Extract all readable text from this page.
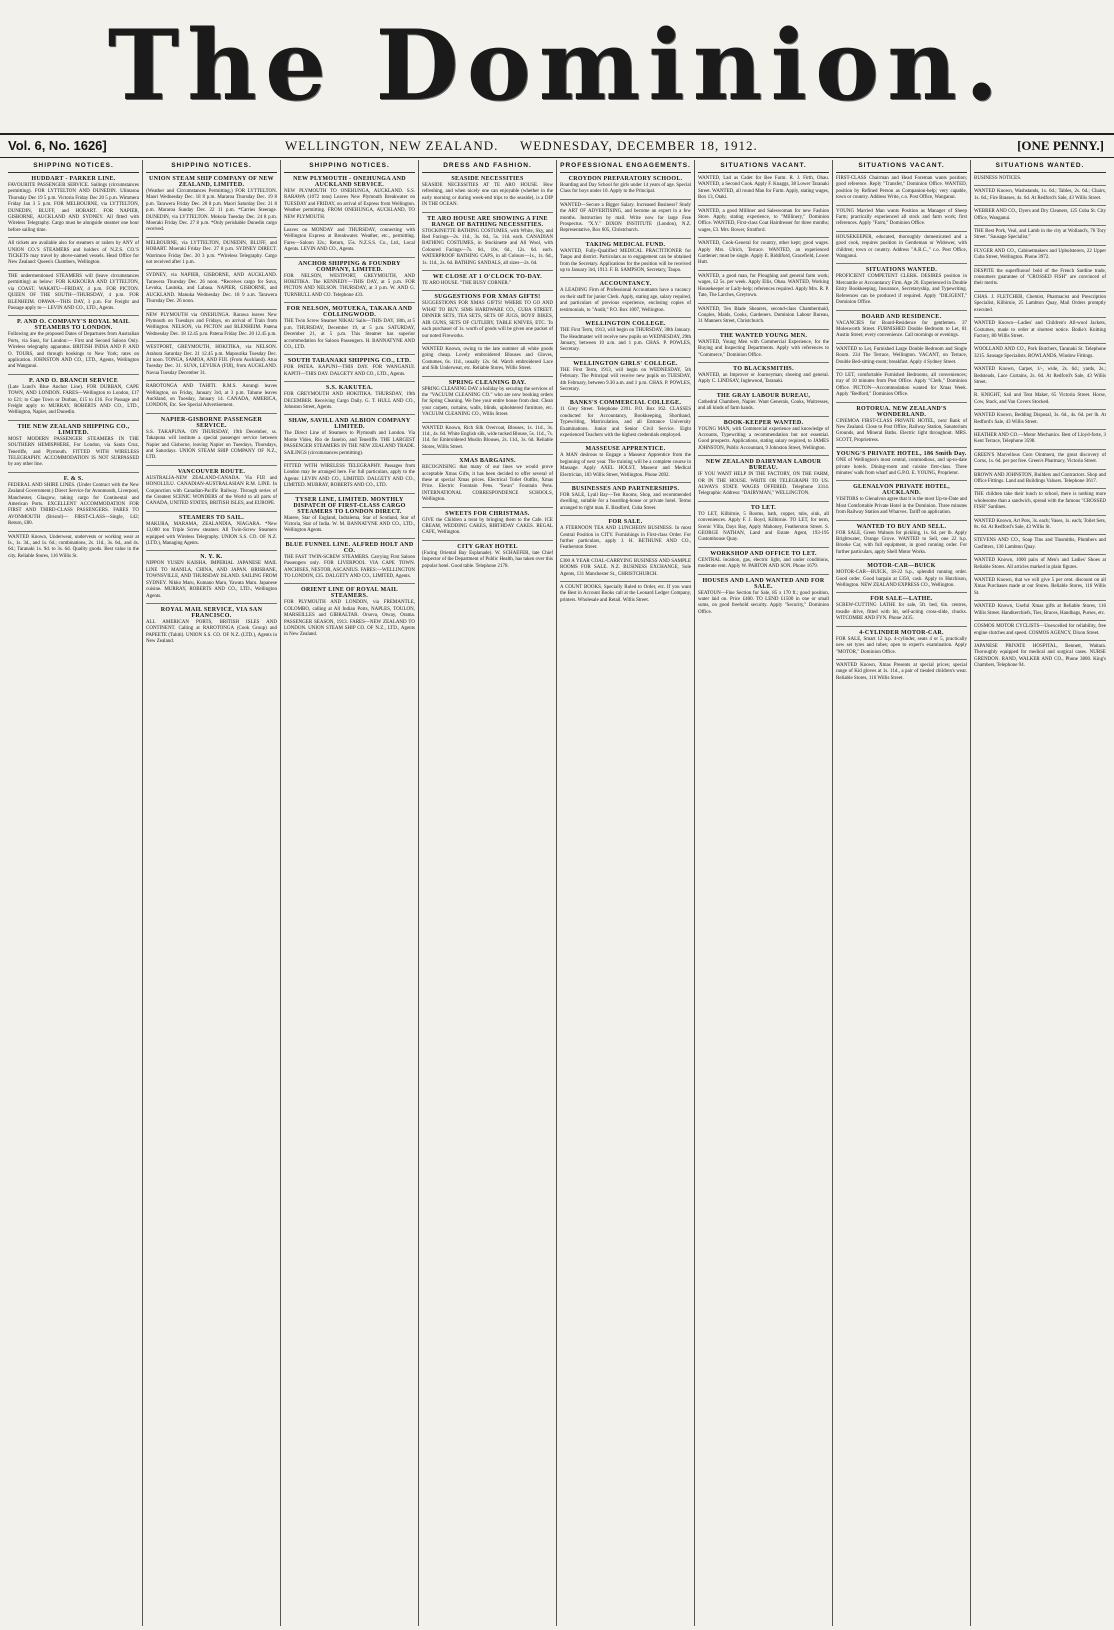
The Dominion.
Vol. 6, No. 1626]	WELLINGTON, NEW ZEALAND. WEDNESDAY, DECEMBER 18, 1912.	[ONE PENNY.]
SHIPPING NOTICES.
HUDDART - PARKER LINE.

FAVOURITE PASSENGER SERVICE. Sailings (circumstances permitting). FOR LYTTELTON AND DUNEDIN. Ulimaroa Thursday Dec 19 5 p.m. Victoria Friday Dec 20 5 p.m. Wimmera Friday Jan 3 5 p.m. FOR MELBOURNE, via LYTTELTON, DUNEDIN, BLUFF, and HOBART. FOR NAPIER, GISBORNE, AUCKLAND AND SYDNEY. All fitted with Wireless Telegraphy. Cargo must be alongside steamer one hour before sailing time.

All tickets are available also for steamers or railers by ANY of UNION CO.'S STEAMERS and holders of N.Z.S. CO.'S TICKETS may travel by above-named vessels. Head Office for New Zealand: Queen's Chambers, Wellington.

THE undermentioned STEAMERS will (leave circumstances permitting) as below: FOR KAIKOURA AND LYTTELTON, via COAST. WAKATU—FRIDAY, 4 p.m. FOR PICTON. QUEEN OF THE SOUTH—THURSDAY, 4 p.m. FOR BLENHEIM. OPAWA—THIS DAY, 3 p.m. For Freight and Passage apply to— LEVIN AND CO., LTD., Agents.

P. AND O. COMPANY'S ROYAL MAIL STEAMERS TO LONDON.

Following are the proposed Dates of Departures from Australian Ports, via Suez, for London:— First and Second Saloon Only. Wireless telegraphy apparatus. BRITISH INDIA AND P. AND O. TOURS, and through bookings to New York; rates on application. JOHNSTON AND CO., LTD., Agents, Wellington and Wanganui.

P. AND O. BRANCH SERVICE

(Late Lund's Blue Anchor Line). FOR DURBAN, CAPE TOWN, AND LONDON. FARES—Wellington to London, £17 to £21; to Cape Town or Durban, £15 to £16. For Passage and Freight apply to MURRAY, ROBERTS AND CO., LTD., Wellington, Napier, and Dunedin.

THE NEW ZEALAND SHIPPING CO., LIMITED.

MOST MODERN PASSENGER STEAMERS IN THE SOUTHERN HEMISPHERE, For London, via Santa Cruz, Teneriffe, and Plymouth. FITTED WITH WIRELESS TELEGRAPHY. ACCOMMODATION IS NOT SURPASSED by any other line.

F. & S.

FEDERAL AND SHIRE LINES. (Under Contract with the New Zealand Government.) Direct Service for Avonmouth, Liverpool, Manchester, Glasgow, taking cargo for Continental and American Ports. EXCELLENT ACCOMMODATION FOR FIRST AND THIRD-CLASS PASSENGERS. FARES TO AVONMOUTH (Bristol)— FIRST-CLASS—Single, £42; Return, £80.

WANTED Known, Underwear, undervests or working wear at Is., 1s. 3d., and 1s. 6d.; combinations, 2s. 11d., 3s. 6d., and 4s. 6d.; Taranaki 1s. 9d. to 3s. 6d. Quality goods. Best value in the city. Reliable Stores, 116 Willis St.

SHIPPING NOTICES.
UNION STEAM SHIP COMPANY OF NEW ZEALAND, LIMITED.

(Weather and Circumstances Permitting.) FOR LYTTELTON. Maori Wednesday Dec. 18 8 p.m. Mararoa Thursday Dec. 19 8 p.m. Tarawera Friday Dec. 20 8 p.m. Maori Saturday Dec. 21 8 p.m. Mararoa Sunday Dec. 22 11 p.m. *Carries Steerage. DUNEDIN, via LYTTELTON. Mokoia Tuesday Dec. 24 8 p.m. Moeraki Friday Dec. 27 8 p.m. *Only perishable Dunedin cargo received.

MELBOURNE, via LYTTELTON, DUNEDIN, BLUFF, and HOBART. Moeraki Friday Dec. 27 8 p.m. SYDNEY DIRECT. Warrimoo Friday Dec. 20 3 p.m. *Wireless Telegraphy. Cargo not received after 1 p.m.

SYDNEY, via NAPIER, GISBORNE, AND AUCKLAND. Tarawera Thursday Dec. 26 noon. *Receives cargo for Suva, Levuka, Lautoka, and Labasa. NAPIER, GISBORNE, and AUCKLAND. Manuka Wednesday Dec. 18 9 a.m. Tarawera Thursday Dec. 26 noon.

NEW PLYMOUTH via ONEHUNGA. Rarawa leaves New Plymouth on Tuesdays and Fridays, on arrival of Train from Wellington. NELSON, via PICTON and BLENHEIM. Patena Wednesday Dec. 18 12.45 p.m. Patena Friday Dec. 20 12.45 p.m.

WESTPORT, GREYMOUTH, HOKITIKA, via NELSON. Arahura Saturday Dec. 21 12.45 p.m. Mapourika Tuesday Dec. 24 noon. TONGA, SAMOA, AND FIJI. (From Auckland). Atua Tuesday Dec. 31. SUVA, LEVUKA (FIJI), from AUCKLAND. Navua Tuesday December 31.

RAROTONGA AND TAHITI. R.M.S. Aorangi leaves Wellington, on Friday, January 3rd, at 3 p.m. Tahune leaves Auckland, on Tuesday, January 14. CANADA, AMERICA, LONDON, Etc. See Special Advertisement.

NAPIER-GISBORNE PASSENGER SERVICE.

S.S. TAKAPUNA. ON THURSDAY, 19th December, ss. Takapuna will institute a special passenger service between Napier and Gisborne, leaving Napier on Tuesdays, Thursdays, and Saturdays. UNION STEAM SHIP COMPANY OF N.Z., LTD.

VANCOUVER ROUTE.

AUSTRALIA-NEW ZEALAND-CANADA. Via FIJI and HONOLULU. CANADIAN-AUSTRALASIAN R.M. LINE. In Conjunction with Canadian-Pacific Railway. Through series of the Greatest SCENIC WONDERS of the World to all parts of CANADA, UNITED STATES, BRITISH ISLES, and EUROPE.

STEAMERS TO SAIL.

MAKURA, MARAMA, ZEALANDIA, NIAGARA. *New 13,000 ton Triple Screw steamer. All Twin-Screw Steamers equipped with Wireless Telegraphy. UNION S.S. CO. OF N.Z. (LTD.), Managing Agents.

N. Y. K.

NIPPON YUSEN KAISHA. IMPERIAL JAPANESE MAIL LINE TO MANILA, CHINA, AND JAPAN. BRISBANE, TOWNSVILLE, AND THURSDAY ISLAND. SAILING FROM SYDNEY. Nikko Maru, Kumano Maru, Yawata Maru. Japanese cuisine. MURRAY, ROBERTS AND CO., LTD., Wellington Agents.

ROYAL MAIL SERVICE, VIA SAN FRANCISCO.

ALL AMERICAN PORTS, BRITISH ISLES AND CONTINENT. Calling at RAROTONGA (Cook Group) and PAPEETE (Tahiti). UNION S.S. CO. OF N.Z. (LTD.), Agents in New Zealand.

SHIPPING NOTICES.
NEW PLYMOUTH - ONEHUNGA AND AUCKLAND SERVICE.

NEW PLYMOUTH TO ONEHUNGA, AUCKLAND. S.S. RARAWA (1072 tons) Leaves New Plymouth Breakwater on TUESDAY and FRIDAY, on arrival of Express from Wellington. Weather permitting. FROM ONEHUNGA, AUCKLAND, TO NEW PLYMOUTH.

Leaves on MONDAY and THURSDAY, connecting with Wellington Express at Breakwater. Weather, etc., permitting. Fares—Saloon 32s.; Return, 55s. N.Z.S.S. Co., Ltd., Local Agents. LEVIN AND CO., Agents.

ANCHOR SHIPPING & FOUNDRY COMPANY, LIMITED.

FOR NELSON, WESTPORT, GREYMOUTH, AND HOKITIKA. The KENNEDY—THIS DAY, at 5 p.m. FOR PICTON AND NELSON. THURSDAY, at 3 p.m. W. AND G. TURNBULL AND CO. Telephone 433.

FOR NELSON, MOTUEKA, TAKAKA AND COLLINGWOOD.

THE Twin Screw Steamer NIKAU Sails—THIS DAY, 18th, at 5 p.m. THURSDAY, December 19, at 5 p.m. SATURDAY, December 21, at 5 p.m. This Steamer has superior accommodation for Saloon Passengers. H. BANNATYNE AND CO., LTD.

SOUTH TARANAKI SHIPPING CO., LTD.

FOR PATEA. KAPUNI—THIS DAY. FOR WANGANUI. KAPITI—THIS DAY. DALGETY AND CO., LTD., Agents.

S.S. KAKUTEA.

FOR GREYMOUTH AND HOKITIKA. THURSDAY, 19th DECEMBER. Receiving Cargo Daily. G. T. HULL AND CO., Johnston Street, Agents.

SHAW, SAVILL AND ALBION COMPANY LIMITED.

The Direct Line of Steamers to Plymouth and London. Via Monte Video, Rio de Janeiro, and Teneriffe. THE LARGEST PASSENGER STEAMERS IN THE NEW ZEALAND TRADE. SAILINGS (circumstances permitting).

FITTED WITH WIRELESS TELEGRAPHY. Passages from London may be arranged here. For full particulars, apply to the Agents: LEVIN AND CO., LIMITED. DALGETY AND CO., LIMITED. MURRAY, ROBERTS AND CO., LTD.

TYSER LINE, LIMITED. MONTHLY DISPATCH OF FIRST-CLASS CARGO STEAMERS TO LONDON DIRECT.

Marere, Star of England, Indralema, Star of Scotland, Star of Victoria, Star of India. W. M. BANNATYNE AND CO., LTD., Wellington Agents.

BLUE FUNNEL LINE. ALFRED HOLT AND CO.

THE FAST TWIN-SCREW STEAMERS. Carrying First Saloon Passengers only. FOR LIVERPOOL VIA CAPE TOWN. ANCHISES, NESTOR, ASCANIUS. FARES:—WELLINGTON TO LONDON, £35. DALGETY AND CO., LIMITED, Agents.

ORIENT LINE OF ROYAL MAIL STEAMERS.

FOR PLYMOUTH AND LONDON, via FREMANTLE, COLOMBO, calling at All Indian Ports, NAPLES, TOULON, MARSEILLES and GIBRALTAR. Orsova, Otway, Orama. PASSENGER SEASON, 1913. FARES—NEW ZEALAND TO LONDON. UNION STEAM SHIP CO. OF N.Z., LTD., Agents in New Zealand.

DRESS AND FASHION.
SEASIDE NECESSITIES

SEASIDE NECESSITIES AT TE ARO HOUSE. How refreshing, and when nicely one can enjoyable (whether in the early morning or during week-end trips to the seaside), is a DIP IN THE OCEAN.

TE ARO HOUSE ARE SHOWING A FINE RANGE OF BATHING NECESSITIES.

STOCKINETTE BATHING COSTUMES, with White, Sky, and Red Facings—2s. 11d., 3s. 6d., 5s. 11d. each. CANADIAN BATHING COSTUMES, in Stockinette and All Wool, with Coloured Facings—7s. 6d., 10s. 6d., 12s. 6d. each. WATERPROOF BATHING CAPS, in all Colours—1s., 1s. 6d., 1s. 11d., 2s. 6d. BATHING SANDALS, all sizes—2s. 6d.

WE CLOSE AT 1 O'CLOCK TO-DAY.

TE ARO HOUSE. "THE BUSY CORNER."

SUGGESTIONS FOR XMAS GIFTS!

SUGGESTIONS FOR XMAS GIFTS! WHERE TO GO AND WHAT TO BUY. SIMS HARDWARE CO., CUBA STREET. DINNER SETS, TEA SETS, SETS OF JUGS, BOYS' BIKES, AIR GUNS, SETS OF CUTLERY, TABLE KNIVES, ETC. To each purchaser of 1s. worth of goods will be given one packet of our noted Fireworks.

WANTED Known, owing to the late summer all white goods going cheap. Lovely embroidered Blouses and Gloves, Costumes, 6s. 11d., usually 12s. 6d. Watch embroidered Lace and Silk Underwear, etc. Reliable Stores, Willis Street.

SPRING CLEANING DAY.

SPRING CLEANING DAY a holiday by securing the services of the "VACUUM CLEANING CO." who are now booking orders for Spring Cleaning. We free your entire house from dust. Clean your carpets, curtains, walls, blinds, upholstered furniture, etc. VACUUM CLEANING CO., Willis Street.

WANTED Known, Rich Silk Overcoat, Blouses, 1s. 11d., 3s. 11d., 4s. 6d. White English silk, wide tucked Blouse, 5s. 11d., 7s. 11d. for Embroidered Muslin Blouses, 2s. 11d., 3s. 6d. Reliable Stores, Willis Street.

XMAS BARGAINS.

RECOGNISING that many of our lines we would prove acceptable Xmas Gifts, it has been decided to offer several of these at special Xmas prices. Electrical Toilet Outfits, Xmas Price. Electric Fountain Pens. "Swan" Fountain Pens. INTERNATIONAL CORRESPONDENCE SCHOOLS, Wellington.

SWEETS FOR CHRISTMAS.

GIVE the Children a treat by bringing them to the Cafe. ICE CREAM, WEDDING CAKES, BIRTHDAY CAKES. REGAL CAFE, Wellington.

CITY GRAY HOTEL

(Facing Oriental Bay Esplanade). W. SCHAEFER, late Chief Inspector of the Department of Public Health, has taken over this popular hotel. Good table. Telephone 2178.

PROFESSIONAL ENGAGEMENTS.
CROYDON PREPARATORY SCHOOL.

Boarding and Day School for girls under 14 years of age. Special Class for boys under 10. Apply to the Principal.

WANTED—Secure a Bigger Salary. Increased Business? Study the ART OF ADVERTISING, and become an expert in a few months. Instruction by mail. Write now for large Free Prospectus. "X.Y." DIXON INSTITUTE (London), N.Z. Representative, Box 605, Christchurch.

TAKING MEDICAL FUND.

WANTED, Fully-Qualified MEDICAL PRACTITIONER for Taupo and district. Particulars as to engagement can be obtained from the Secretary. Applications for the position will be received up to January 3rd, 1913. F. B. SAMPSON, Secretary, Taupo.

ACCOUNTANCY.

A LEADING Firm of Professional Accountants have a vacancy on their staff for junior Clerk. Apply, stating age, salary required, and particulars of previous experience, enclosing copies of testimonials, to "Audit," P.O. Box 1007, Wellington.

WELLINGTON COLLEGE.

THE First Term, 1913, will begin on THURSDAY, 30th January. The Headmaster will receive new pupils on WEDNESDAY, 29th January, between 10 a.m. and 1 p.m. CHAS. P. POWLES, Secretary.

WELLINGTON GIRLS' COLLEGE.

THE First Term, 1913, will begin on WEDNESDAY, 5th February. The Principal will receive new pupils on TUESDAY, 4th February, between 9.30 a.m. and 1 p.m. CHAS. P. POWLES, Secretary.

BANKS'S COMMERCIAL COLLEGE.

11 Grey Street. Telephone 2391. P.O. Box 162. CLASSES conducted for Accountancy, Bookkeeping, Shorthand, Typewriting, Matriculation, and all Entrance University Examinations. Junior and Senior Civil Service. Eight experienced Teachers with the highest credentials employed.

MASSEUSE APPRENTICE.

A MAN desirous to Engage a Masseur Apprentice from the beginning of next year. The training will be a complete course in Massage. Apply AXEL HOLST, Masseur and Medical Electrician, 183 Willis Street, Wellington. Phone 2692.

BUSINESSES AND PARTNERSHIPS.

FOR SALE, Lyall Bay—Ten Rooms, Shop, and recommended dwelling, suitable for a boarding-house or private hotel. Terms arranged to right man. E. Bradford, Cuba Street.

FOR SALE.

A FTERNOON TEA AND LUNCHEON BUSINESS. In most Central Position in CITY. Furnishings in First-class Order. For further particulars, apply J. H. BETHUNE AND CO., Featherston Street.

£300 A YEAR COAL-CARRYING BUSINESS AND SAMPLE ROOMS FOR SALE. N.Z. BUSINESS EXCHANGE, Sole Agents, 131 Manchester St., CHRISTCHURCH.

A COUNT BOOKS, Specially Ruled to Order, etc. If you want the Best in Account Books call at the Leonard Ledger Company, printers. Wholesale and Retail. Willis Street.

SITUATIONS VACANT.

WANTED, Lad as Cadet for Bee Farm. R. J. Firth, Ohau. WANTED, a Second Cook. Apply F. Knaggs, 38 Lower Taranaki Street. WANTED, all round Man for Farm. Apply, stating wages, Box 13, Otaki.

WANTED, a good Milliner and Saleswoman for new Fashion Store. Apply, stating experience, to "Millinery," Dominion Office. WANTED, First-class Coat Hairdresser for three months; wages, £3. Mrs. Bower, Stratford.

WANTED, Cook-General for country, other kept; good wages. Apply Mrs. Ulrich, Terrace. WANTED, an experienced Gardener; must be single. Apply E. Riddiford, Gracefield, Lower Hutt.

WANTED, a good man, for Ploughing and general farm work; wages, £2 5s. per week. Apply Ellis, Ohau. WANTED, Working Housekeeper or Lady-help; references required. Apply Mrs. R. P. Tate, The Larches, Greytown.

WANTED, Ten Blade Shearers, second-class Chambermaid, Couples, Maids, Cooks, Gardeners. Dominion Labour Bureau, 31 Manners Street, Christchurch.

THE WANTED YOUNG MEN.

WANTED, Young Men with Commercial Experience, for the Buying and Inspecting Departments. Apply with references to "Commerce," Dominion Office.

TO BLACKSMITHS.

WANTED, an Improver or Journeyman; shoeing and general. Apply C. LINDSAY, Inglewood, Taranaki.

THE GRAY LABOUR BUREAU,

Cathedral Chambers, Napier. Want Generals, Cooks, Waitresses, and all kinds of farm hands.

BOOK-KEEPER WANTED.

YOUNG MAN, with Commercial experience and knowledge of Accounts, Typewriting a recommendation but not essential. Good prospects. Applications, stating salary required, to JAMES JOHNSTON, Public Accountant, 9 Johnston Street, Wellington.

NEW ZEALAND DAIRYMAN LABOUR BUREAU.

IF YOU WANT HELP IN THE FACTORY, ON THE FARM, OR IN THE HOUSE. WRITE OR TELEGRAPH TO US. ALWAYS STATE WAGES OFFERED. Telephone 3314. Telegraphic Address: "DAIRYMAN," WELLINGTON.

TO LET.

TO LET, Kilbirnie, 5 Rooms, bath, copper, tubs, sink, all conveniences. Apply F. J. Boyd, Kilbirnie. TO LET, for term, Scenic Villa, Days Bay, Apply Mahoney, Featherston Street. S. GEORGE NATHAN, Land and Estate Agent, 193-195 Customhouse Quay.

WORKSHOP AND OFFICE TO LET.

CENTRAL location, gas, electric light, and under conditions, moderate rent. Apply W. PARTON AND SON. Phone 1679.

HOUSES AND LAND WANTED AND FOR SALE.

SEATOUN—Fine Section for Sale, 85 x 170 ft.; good position, water laid on. Price £400. TO LEND £1500 in one or small sums, on good freehold security. Apply "Security," Dominion Office.

SITUATIONS VACANT.

FIRST-CLASS Chairman and Head Foreman wants position; good reference. Reply "Transfer," Dominion Office. WANTED, position by Refined Person as Companion-help; very capable, town or country. Address Write, c.o. Post Office, Wanganui.

YOUNG Married Man wants Position as Manager of Sheep Farm; practically experienced all stock and farm work; first references. Apply "Farm," Dominion Office.

HOUSEKEEPER, educated, thoroughly domesticated and a good cook, requires position in Gentleman or Widower, with children; town or country. Address "A.B.C.," c.o. Post Office, Wanganui.

SITUATIONS WANTED.

PROFICIENT COMPETENT CLERK. DESIRES position in Mercantile or Accountancy Firm. Age 20. Experienced in Double Entry Bookkeeping, Insurance, Secretaryship, and Typewriting. References can be produced if required. Apply "DILIGENT," Dominion Office.

BOARD AND RESIDENCE.

VACANCIES for Board-Residence for gentlemen. 37 Molesworth Street. FURNISHED Double Bedroom to Let, 81 Austin Street; every convenience. Call mornings or evenings.

WANTED to Let, Furnished Large Double Bedroom and Single Room. 234 The Terrace, Wellington. VACANT, on Terrace, Double Bed-sitting-room; breakfast. Apply 4 Sydney Street.

TO LET, comfortable Furnished Bedrooms, all conveniences; tray of 10 minutes from Post Office. Apply "Clerk," Dominion Office. PICTON—Accommodation wanted for Xmas Week. Apply "Bedford," Dominion Office.

ROTORUA. NEW ZEALAND'S WONDERLAND.

CINEMOA FIRST-CLASS PRIVATE HOTEL, next Bank of New Zealand. Close to Post Office, Railway Station, Sanatorium Grounds, and Mineral Baths. Electric light throughout. MRS. SCOTT, Proprietress.

YOUNG'S PRIVATE HOTEL, 186 Smith Day.

ONE of Wellington's most central, commodious, and up-to-date private hotels. Dining-room and cuisine first-class. Three minutes' walk from wharf and G.P.O. E. YOUNG, Proprietor.

GLENALVON PRIVATE HOTEL, AUCKLAND.

VISITORS to Glenalvon agree that it is the most Up-to-Date and Most Comfortable Private Hotel in the Dominion. Three minutes from Railway Station and Wharves. Tariff on application.

WANTED TO BUY AND SELL.

FOR SALE, Green Walnuts for pickling, 1s. 6d. per lb. Apply Brightwater, Orange Grove. WANTED to Sell, one 22 h.p. Brooke Car, with full equipment, in good running order. For further particulars, apply Shell Motor Works.

MOTOR-CAR—BUICK

MOTOR-CAR—BUICK, 18-22 h.p., splendid running order. Good order. Good bargain at £350, cash. Apply to Hutchison, Wellington. NEW ZEALAND EXPRESS CO., Wellington.

FOR SALE—LATHE.

SCREW-CUTTING LATHE for sale, 5ft. bed, 6in. centres, treadle drive, fitted with bit, self-acting cross-slide, chucks. WITCOMBE AND FYN. Phone 2435.

4-CYLINDER MOTOR-CAR.

FOR SALE, Smart 12 h.p. 4-cylinder, seats 4 or 5, practically new set tyres and tubes; open to expert's examination. Apply "MOTOR," Dominion Office.

WANTED Known, Xmas Presents at special prices; special range of Kid gloves at 1s. 11d., a pair of tiesded children's wear. Reliable Stores, 116 Willis Street.

SITUATIONS WANTED.

BUSINESS NOTICES.

WANTED Known, Washstands, 1s. 6d.; Tables, 2s. 6d.; Chairs, 1s. 6d.; Fire Brasses, 4s. 6d. At Redford's Sale, 43 Willis Street.

WEBBER AND CO., Dyers and Dry Cleaners, 125 Cuba St. City Office, Wanganui.

THE Best Pork, Veal, and Lamb in the city at Wolland's, 76 Tory Street. "Sausage Specialist."

FLYGER AND CO., Cabinetmakers and Upholsterers, 22 Upper Cuba Street, Wellington. Phone 3972.

DESPITE the superfluous! bold of the French Sardine trade, consumers guarantee of "CROSSED FISH" are convinced of their merits.

CHAS. J. FLETCHER, Chemist, Pharmacist and Prescription Specialist, Kilbirnie, 25 Lambton Quay, Mail Orders promptly executed.

WANTED Known—Ladies' and Children's All-wool Jackets, Costumes, made to order at shortest notice. Bodie's Knitting Factory, 80 Willis Street.

WOOLLAND AND CO., Pork Butchers, Taranaki St. Telephone 3215. Sausage Specialists. ROWLANDS, Window Fittings.

WANTED Known, Carpet, 1/-, wide, 2s. 6d.; yards, 2s.; Bedsteads, Lace Curtains, 2s. 6d. At Redford's Sale, 43 Willis Street.

R. KNIGHT, Sail and Tent Maker, 65 Victoria Street. Horse, Cow, Stack, and Van Covers Stocked.

WANTED Known, Bedding Disposal, 3s. 6d., 4s. 6d. per lb. At Redford's Sale, 43 Willis Street.

HEATHER AND CO.—Motor Mechanics. Best of Lloyd-forte, 3 Kent Terrace, Telephone 3598.

GREEN'S Marvellous Corn Ointment, the great discovery of Corns, 1s. 6d. per pot free. Green's Pharmacy, Victoria Street.

BROWN AND JOHNSTON, Builders and Contractors. Shop and Office Fittings. Land and Buildings Valuers. Telephone 3617.

THE children take their lunch to school, there is nothing more wholesome than a sandwich, spread with the famous "CROSSED FISH" Sardines.

WANTED Known, Art Pots, 3s. each; Vases, 1s. each; Toilet Sets, 8s. 6d. At Redford's Sale, 43 Willis St.

STEVENS AND CO., Soap Tins and Tinsmiths, Plumbers and Gasfitters, 130 Lambton Quay.

WANTED Known, 1000 pairs of Men's and Ladies' Shoes at Reliable Stores. All articles marked in plain figures.

WANTED Known, that we will give 5 per cent. discount on all Xmas Purchases made at our Stores. Reliable Stores, 116 Willis St.

WANTED Known, Useful Xmas gifts at Reliable Stores, 116 Willis Street. Handkerchiefs, Ties, Braces, Handbags, Purses, etc.

COSMOS MOTOR CYCLISTS—Unexcelled for reliability, free engine clutches and speed. COSMOS AGENCY, Dixon Street.

JAPANESE PRIVATE HOSPITAL, Bennett, Waitara. Thoroughly equipped for medical and surgical cases. NURSE GRENDON. RAND, WALKER AND CO., Phone 3800. King's Chambers, Telephone 94.
